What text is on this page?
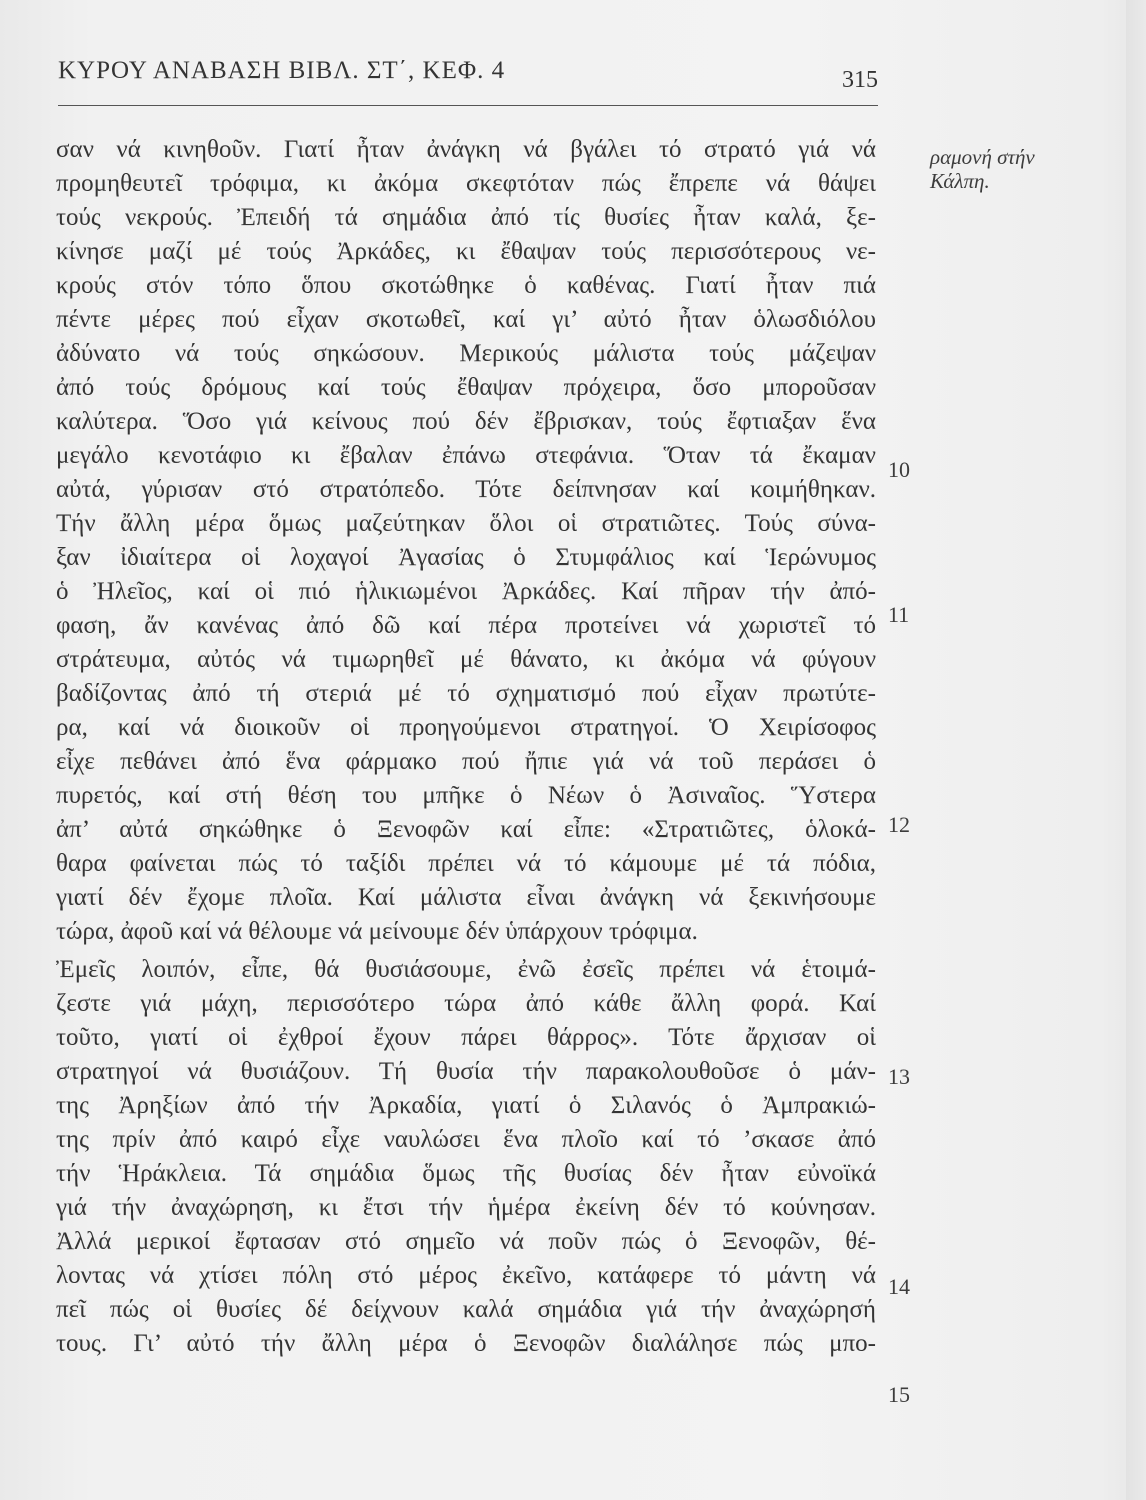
ΚΥΡΟΥ ΑΝΑΒΑΣΗ ΒΙΒΛ. ΣΤ΄, ΚΕΦ. 4	315
ραμονή στήν
Κάλπη.
σαν νά κινηθοῦν. Γιατί ἦταν ἀνάγκη νά βγάλει τό στρατό γιά νά
προμηθευτεῖ τρόφιμα, κι ἀκόμα σκεφτόταν πώς ἔπρεπε νά θάψει
τούς νεκρούς. Ἐπειδή τά σημάδια ἀπό τίς θυσίες ἦταν καλά, ξε-
κίνησε μαζί μέ τούς Ἀρκάδες, κι ἔθαψαν τούς περισσότερους νε-
κρούς στόν τόπο ὅπου σκοτώθηκε ὁ καθένας. Γιατί ἦταν πιά
πέντε μέρες πού εἶχαν σκοτωθεῖ, καί γι’ αὐτό ἦταν ὁλωσδιόλου
ἀδύνατο νά τούς σηκώσουν. Μερικούς μάλιστα τούς μάζεψαν
ἀπό τούς δρόμους καί τούς ἔθαψαν πρόχειρα, ὅσο μποροῦσαν
καλύτερα. Ὅσο γιά κείνους πού δέν ἔβρισκαν, τούς ἔφτιαξαν ἕνα
μεγάλο κενοτάφιο κι ἔβαλαν ἐπάνω στεφάνια. Ὅταν τά ἔκαμαν
αὐτά, γύρισαν στό στρατόπεδο. Τότε δείπνησαν καί κοιμήθηκαν.
Τήν ἄλλη μέρα ὅμως μαζεύτηκαν ὅλοι οἱ στρατιῶτες. Τούς σύνα-
ξαν ἰδιαίτερα οἱ λοχαγοί Ἀγασίας ὁ Στυμφάλιος καί Ἱερώνυμος
ὁ Ἠλεῖος, καί οἱ πιό ἡλικιωμένοι Ἀρκάδες. Καί πῆραν τήν ἀπό-
φαση, ἄν κανένας ἀπό δῶ καί πέρα προτείνει νά χωριστεῖ τό
στράτευμα, αὐτός νά τιμωρηθεῖ μέ θάνατο, κι ἀκόμα νά φύγουν
βαδίζοντας ἀπό τή στεριά μέ τό σχηματισμό πού εἶχαν πρωτύτε-
ρα, καί νά διοικοῦν οἱ προηγούμενοι στρατηγοί. Ὁ Χειρίσοφος
εἶχε πεθάνει ἀπό ἕνα φάρμακο πού ἤπιε γιά νά τοῦ περάσει ὁ
πυρετός, καί στή θέση του μπῆκε ὁ Νέων ὁ Ἀσιναῖος. Ὕστερα
ἀπ’ αὐτά σηκώθηκε ὁ Ξενοφῶν καί εἶπε: «Στρατιῶτες, ὁλοκά-
θαρα φαίνεται πώς τό ταξίδι πρέπει νά τό κάμουμε μέ τά πόδια,
γιατί δέν ἔχομε πλοῖα. Καί μάλιστα εἶναι ἀνάγκη νά ξεκινήσουμε
τώρα, ἀφοῦ καί νά θέλουμε νά μείνουμε δέν ὑπάρχουν τρόφιμα.
Ἐμεῖς λοιπόν, εἶπε, θά θυσιάσουμε, ἐνῶ ἐσεῖς πρέπει νά ἑτοιμά-
ζεστε γιά μάχη, περισσότερο τώρα ἀπό κάθε ἄλλη φορά. Καί
τοῦτο, γιατί οἱ ἐχθροί ἔχουν πάρει θάρρος». Τότε ἄρχισαν οἱ
στρατηγοί νά θυσιάζουν. Τή θυσία τήν παρακολουθοῦσε ὁ μάν-
της Ἀρηξίων ἀπό τήν Ἀρκαδία, γιατί ὁ Σιλανός ὁ Ἀμπρακιώ-
της πρίν ἀπό καιρό εἶχε ναυλώσει ἕνα πλοῖο καί τό ’σκασε ἀπό
τήν Ἡράκλεια. Τά σημάδια ὅμως τῆς θυσίας δέν ἦταν εὐνοϊκά
γιά τήν ἀναχώρηση, κι ἔτσι τήν ἡμέρα ἐκείνη δέν τό κούνησαν.
Ἀλλά μερικοί ἔφτασαν στό σημεῖο νά ποῦν πώς ὁ Ξενοφῶν, θέ-
λοντας νά χτίσει πόλη στό μέρος ἐκεῖνο, κατάφερε τό μάντη νά
πεῖ πώς οἱ θυσίες δέ δείχνουν καλά σημάδια γιά τήν ἀναχώρησή
τους. Γι’ αὐτό τήν ἄλλη μέρα ὁ Ξενοφῶν διαλάλησε πώς μπο-
10
11
12
13
14
15
